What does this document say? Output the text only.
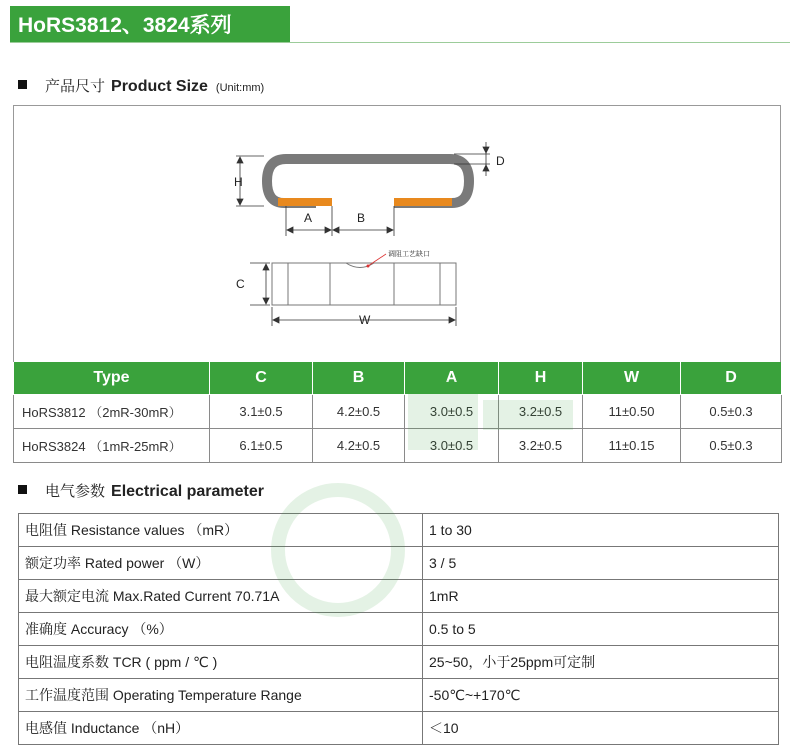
HoRS3812、3824系列
产品尺寸 Product Size (Unit:mm)
H
D
A	B
调阻工艺缺口
C
W
Type	C	B	A	H	W	D
HoRS3812 （2mR-30mR）	3.1±0.5	4.2±0.5	3.0±0.5	3.2±0.5	11±0.50	0.5±0.3
HoRS3824 （1mR-25mR）	6.1±0.5	4.2±0.5	3.0±0.5	3.2±0.5	11±0.15	0.5±0.3
电气参数 Electrical parameter
电阻值 Resistance values （mR）	1 to 30
额定功率 Rated power （W）	3 / 5
最大额定电流 Max.Rated Current 70.71A	1mR
准确度 Accuracy （%）	0.5 to 5
电阻温度系数 TCR ( ppm / ℃ )	25~50，小于25ppm可定制
工作温度范围 Operating Temperature Range	-50℃~+170℃
电感值 Inductance （nH）	＜10
